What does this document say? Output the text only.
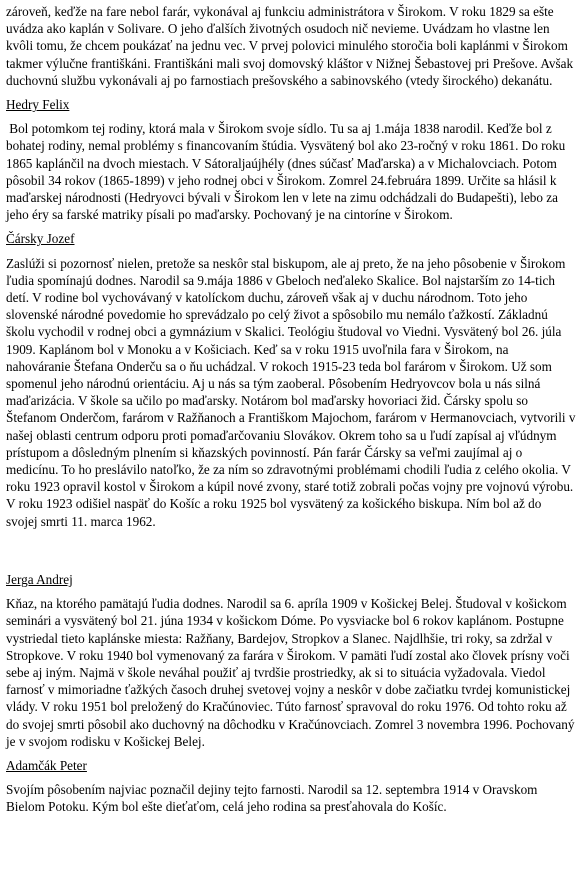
zároveň, keďže na fare nebol farár, vykonával aj funkciu administrátora v Širokom. V roku 1829 sa ešte uvádza ako kaplán v Solivare. O jeho ďalších životných osudoch nič nevieme. Uvádzam ho vlastne len kvôli tomu, že chcem poukázať na jednu vec. V prvej polovici minulého storočia boli kaplánmi v Širokom takmer výlučne františkáni. Františkáni mali svoj domovský kláštor v Nižnej Šebastovej pri Prešove. Avšak duchovnú službu vykonávali aj po farnostiach prešovského a sabinovského (vtedy širockého) dekanátu.

Hedry Felix

Bol potomkom tej rodiny, ktorá mala v Širokom svoje sídlo. Tu sa aj 1.mája 1838 narodil. Keďže bol z bohatej rodiny, nemal problémy s financovaním štúdia. Vysvätený bol ako 23-ročný v roku 1861. Do roku 1865 kaplánčil na dvoch miestach. V Sátoraljaújhély (dnes súčasť Maďarska) a v Michalovciach. Potom pôsobil 34 rokov (1865-1899) v jeho rodnej obci v Širokom. Zomrel 24.februára 1899. Určite sa hlásil k maďarskej národnosti (Hedryovci bývali v Širokom len v lete na zimu odchádzali do Budapešti), lebo za jeho éry sa farské matriky písali po maďarsky. Pochovaný je na cintoríne v Širokom.

Čársky Jozef

Zaslúži si pozornosť nielen, pretože sa neskôr stal biskupom, ale aj preto, že na jeho pôsobenie v Širokom ľudia spomínajú dodnes. Narodil sa 9.mája 1886 v Gbeloch neďaleko Skalice. Bol najstarším zo 14-tich detí. V rodine bol vychovávaný v katolíckom duchu, zároveň však aj v duchu národnom. Toto jeho slovenské národné povedomie ho sprevádzalo po celý život a spôsobilo mu nemálo ťažkostí. Základnú školu vychodil v rodnej obci a gymnázium v Skalici. Teológiu študoval vo Viedni. Vysvätený bol 26. júla 1909. Kaplánom bol v Monoku a v Košiciach. Keď sa v roku 1915 uvoľnila fara v Širokom, na nahováranie Štefana Onderču sa o ňu uchádzal. V rokoch 1915-23 teda bol farárom v Širokom. Už som spomenul jeho národnú orientáciu. Aj u nás sa tým zaoberal. Pôsobením Hedryovcov bola u nás silná maďarizácia. V škole sa učilo po maďarsky. Notárom bol maďarsky hovoriaci žid. Čársky spolu so Štefanom Onderčom, farárom v Ražňanoch a Františkom Majochom, farárom v Hermanovciach, vytvorili v našej oblasti centrum odporu proti pomaďarčovaniu Slovákov. Okrem toho sa u ľudí zapísal aj vľúdnym prístupom a dôsledným plnením si kňazských povinností. Pán farár Čársky sa veľmi zaujímal aj o medicínu. To ho preslávilo natoľko, že za ním so zdravotnými problémami chodili ľudia z celého okolia. V roku 1923 opravil kostol v Širokom a kúpil nové zvony, staré totiž zobrali počas vojny pre vojnovú výrobu. V roku 1923 odišiel naspäť do Košíc a roku 1925 bol vysvätený za košického biskupa. Ním bol až do svojej smrti 11. marca 1962.

Jerga Andrej

Kňaz, na ktorého pamätajú ľudia dodnes. Narodil sa 6. apríla 1909 v Košickej Belej. Študoval v košickom seminári a vysvätený bol 21. júna 1934 v košickom Dóme. Po vysviacke bol 6 rokov kaplánom. Postupne vystriedal tieto kaplánske miesta: Ražňany, Bardejov, Stropkov a Slanec. Najdlhšie, tri roky, sa zdržal v Stropkove. V roku 1940 bol vymenovaný za farára v Širokom. V pamäti ľudí zostal ako človek prísny voči sebe aj iným. Najmä v škole neváhal použiť aj tvrdšie prostriedky, ak si to situácia vyžadovala. Viedol farnosť v mimoriadne ťažkých časoch druhej svetovej vojny a neskôr v dobe začiatku tvrdej komunistickej vlády. V roku 1951 bol preložený do Kračúnoviec. Túto farnosť spravoval do roku 1976. Od tohto roku až do svojej smrti pôsobil ako duchovný na dôchodku v Kračúnovciach. Zomrel 3 novembra 1996. Pochovaný je v svojom rodisku v Košickej Belej.

Adamčák Peter

Svojím pôsobením najviac poznačil dejiny tejto farnosti. Narodil sa 12. septembra 1914 v Oravskom Bielom Potoku. Kým bol ešte dieťaťom, celá jeho rodina sa presťahovala do Košíc.
